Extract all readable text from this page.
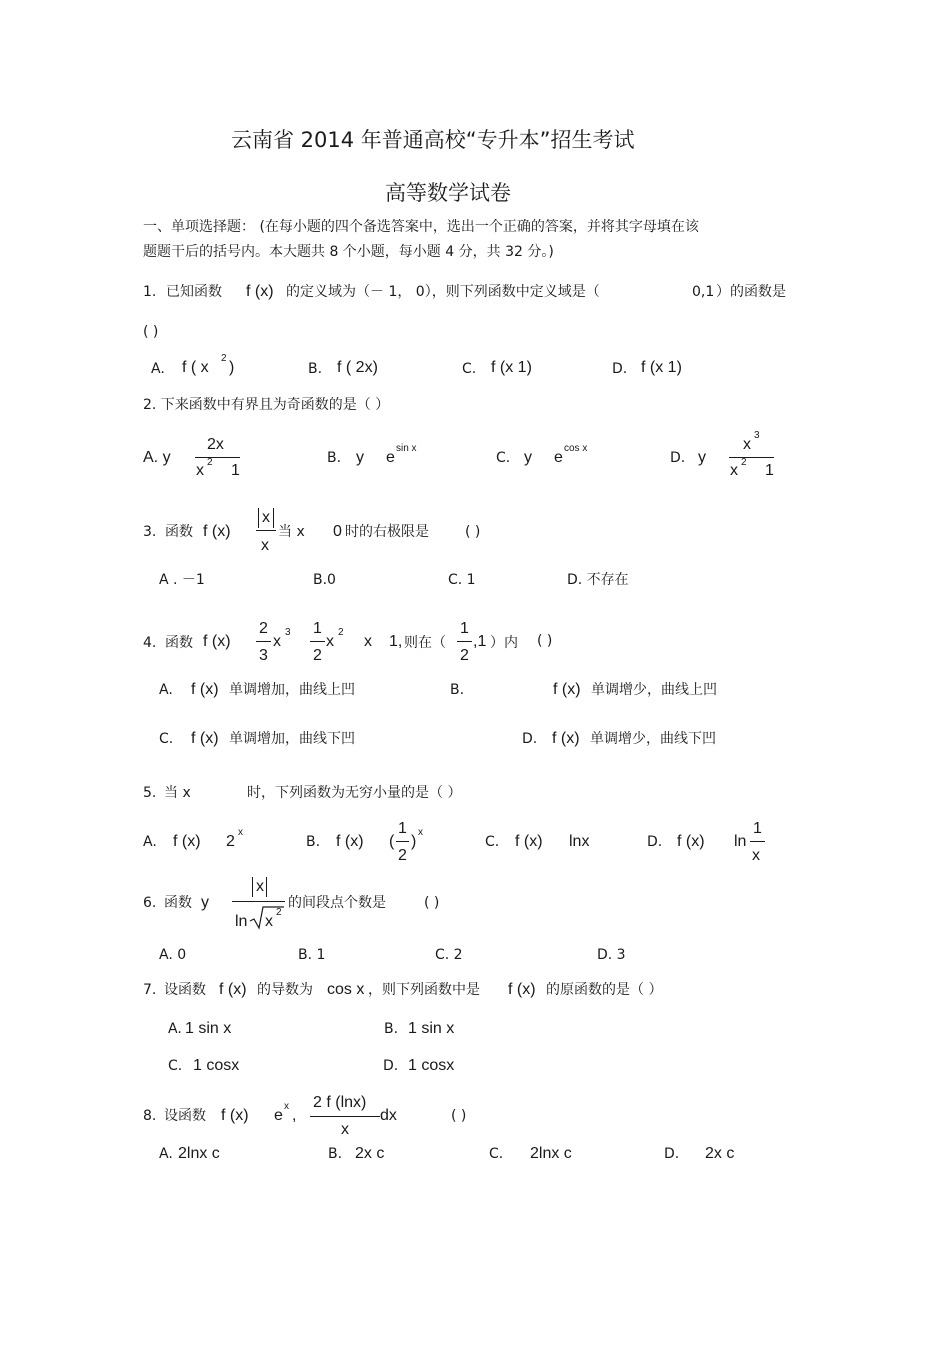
云南省 2014 年普通高校“专升本”招生考试
高等数学试卷
一、单项选择题： (在每小题的四个备选答案中，选出一个正确的答案，并将其字母填在该
题题干后的括号内。本大题共 8 个小题，每小题 4 分，共 32 分。)
1. 已知函数 f (x) 的定义域为（－ 1， 0），则下列函数中定义域是（	0,1 ）的函数是
( )
A. f ( x
2
)	B. f ( 2x)	C. f (x 1)	D. f (x 1)
2. 下来函数中有界且为奇函数的是（ ）
A. y
2x
x 2 1
B. y e
sin x
C. y e
cos x
D. y
x
3
x 2 1
3. 函数 f (x)
x
x
当 x 0 时的右极限是	( )
A . －1	B.0	C. 1	D. 不存在
4. 函数 f (x)
2
3
x
3 1
2
x
2
x 1, 则在（
1
2
,1 ）内 ( )
A. f (x) 单调增加，曲线上凹	B.	f (x) 单调增少，曲线上凹
C. f (x) 单调增加，曲线下凹	D. f (x) 单调增少，曲线下凹
5. 当 x	时，下列函数为无穷小量的是（ ）
A. f (x) 2
x
B. f (x) (
1
2
)
x
C. f (x) lnx	D. f (x) ln
1
x
6. 函数 y
x
ln x
2
的间段点个数是	( )
A. 0	B. 1	C. 2	D. 3
7. 设函数 f (x) 的导数为 cos x ，则下列函数中是 f (x) 的原函数的是（ ）
A. 1 sin x	B. 1 sin x
C. 1 cosx	D. 1 cosx
8. 设函数 f (x) e
x
,
2 f (lnx)
x
dx	( )
A. 2lnx c	B. 2x c	C. 2lnx c	D. 2x c
